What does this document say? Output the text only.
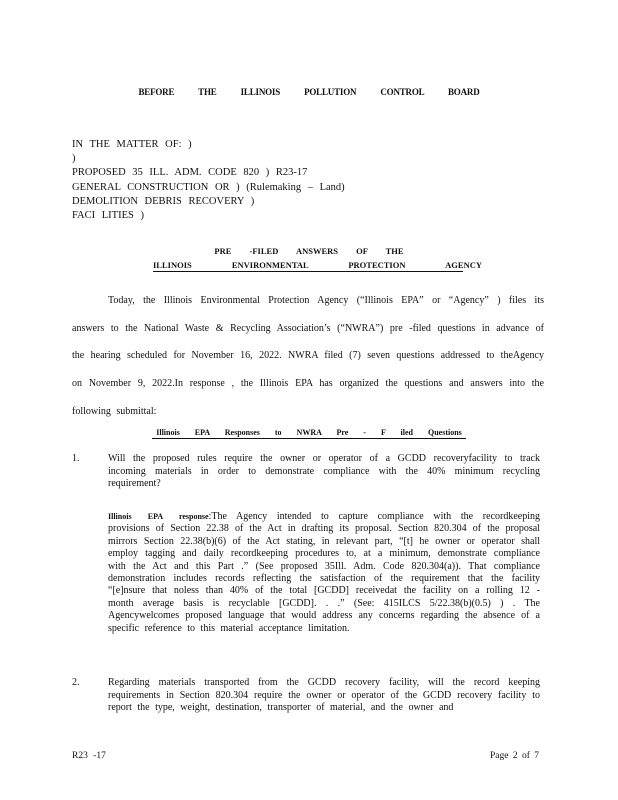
BEFORE THE ILLINOIS POLLUTION CONTROL BOARD
IN THE MATTER OF: )
)
PROPOSED 35 ILL. ADM. CODE 820 ) R23-17
GENERAL CONSTRUCTION OR ) (Rulemaking – Land)
DEMOLITION DEBRIS RECOVERY )
FACI LITIES )
PRE -FILED ANSWERS OF THE
ILLINOIS ENVIRONMENTAL PROTECTION AGENCY
Today, the Illinois Environmental Protection Agency (“Illinois EPA” or “Agency” ) files its answers to the National Waste & Recycling Association’s (“NWRA”) pre -filed questions in advance of the hearing scheduled for November 16, 2022. NWRA filed (7) seven questions addressed to theAgency on November 9, 2022.In response , the Illinois EPA has organized the questions and answers into the following submittal:
Illinois EPA Responses to NWRA Pre - F iled Questions
1.	Will the proposed rules require the owner or operator of a GCDD recoveryfacility to track incoming materials in order to demonstrate compliance with the 40% minimum recycling requirement?
Illinois EPA response:The Agency intended to capture compliance with the recordkeeping provisions of Section 22.38 of the Act in drafting its proposal. Section 820.304 of the proposal mirrors Section 22.38(b)(6) of the Act stating, in relevant part, “[t] he owner or operator shall employ tagging and daily recordkeeping procedures to, at a minimum, demonstrate compliance with the Act and this Part .” (See proposed 35Ill. Adm. Code 820.304(a)). That compliance demonstration includes records reflecting the satisfaction of the requirement that the facility “[e]nsure that noless than 40% of the total [GCDD] receivedat the facility on a rolling 12 -month average basis is recyclable [GCDD]. . .” (See: 415ILCS 5/22.38(b)(0.5) ) . The Agencywelcomes proposed language that would address any concerns regarding the absence of a specific reference to this material acceptance limitation.
2.	Regarding materials transported from the GCDD recovery facility, will the record keeping requirements in Section 820.304 require the owner or operator of the GCDD recovery facility to report the type, weight, destination, transporter of material, and the owner and
R23 -17	Page 2 of 7
